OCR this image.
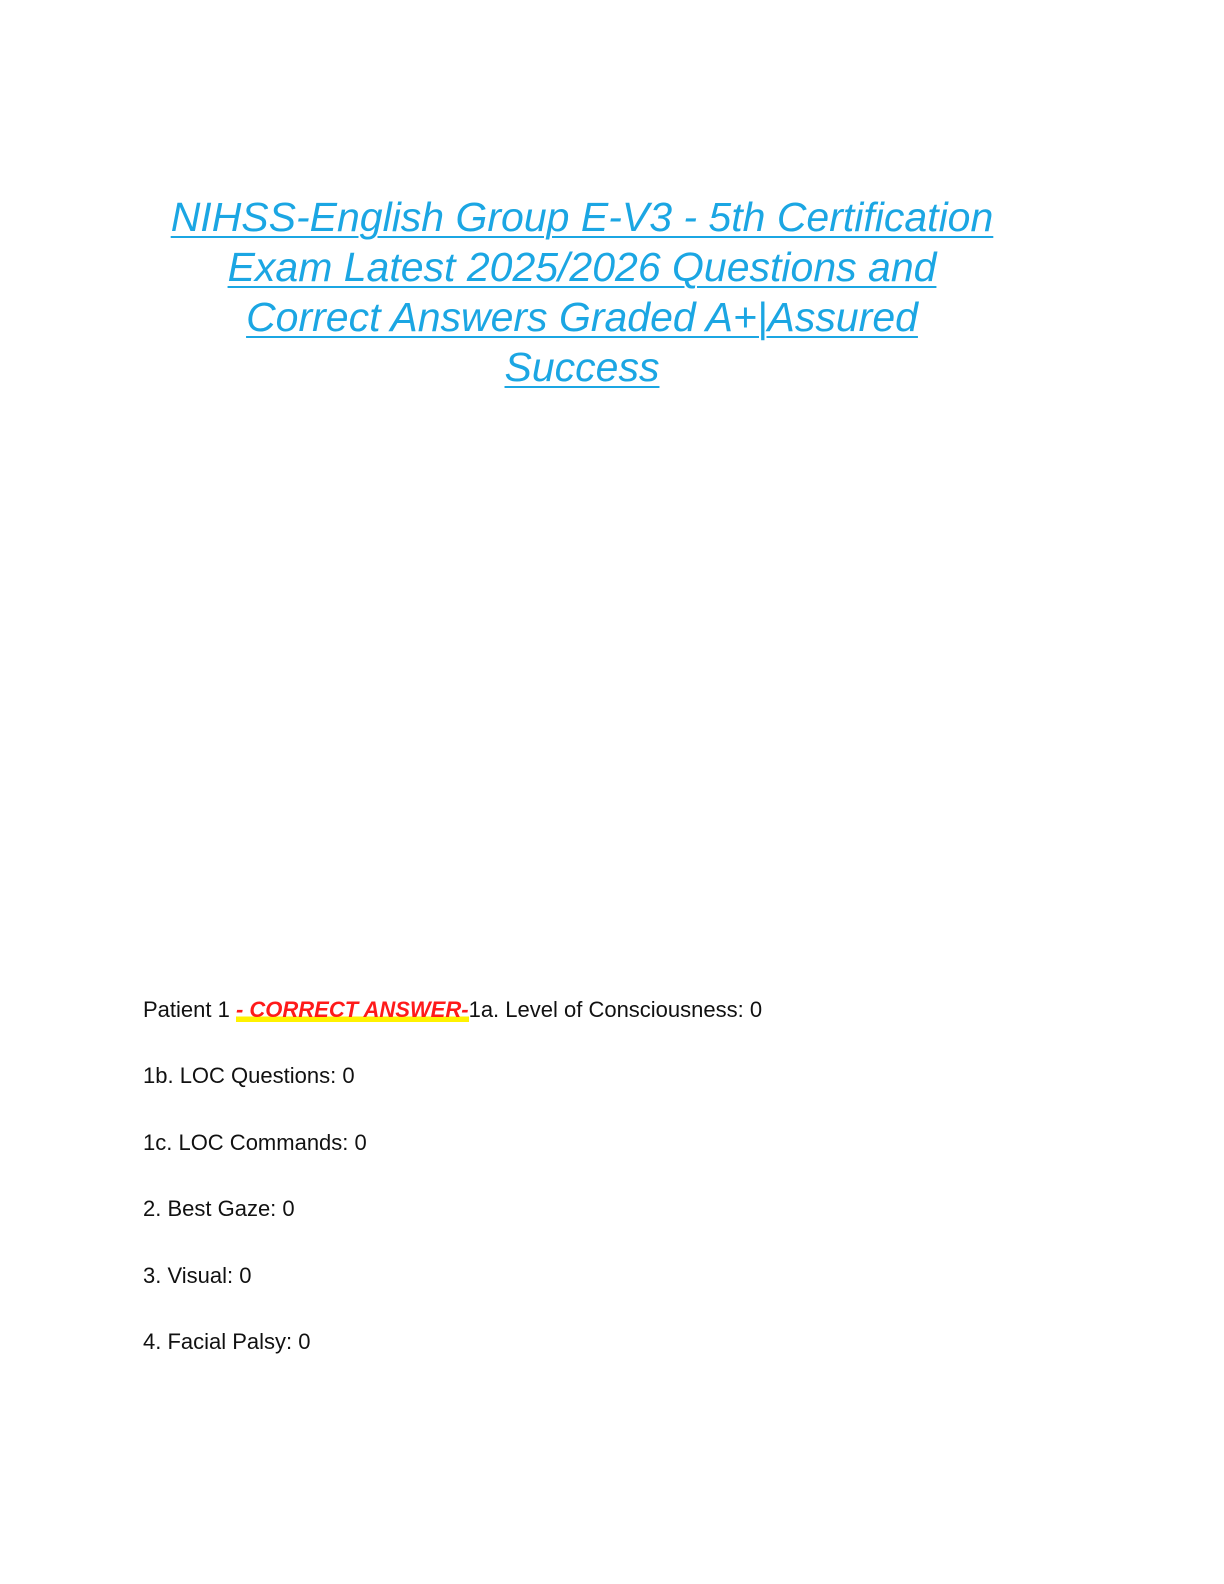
NIHSS-English Group E-V3 - 5th Certification
Exam Latest 2025/2026 Questions and
Correct Answers Graded A+|Assured
Success
Patient 1 - CORRECT ANSWER-1a. Level of Consciousness: 0
1b. LOC Questions: 0
1c. LOC Commands: 0
2. Best Gaze: 0
3. Visual: 0
4. Facial Palsy: 0
